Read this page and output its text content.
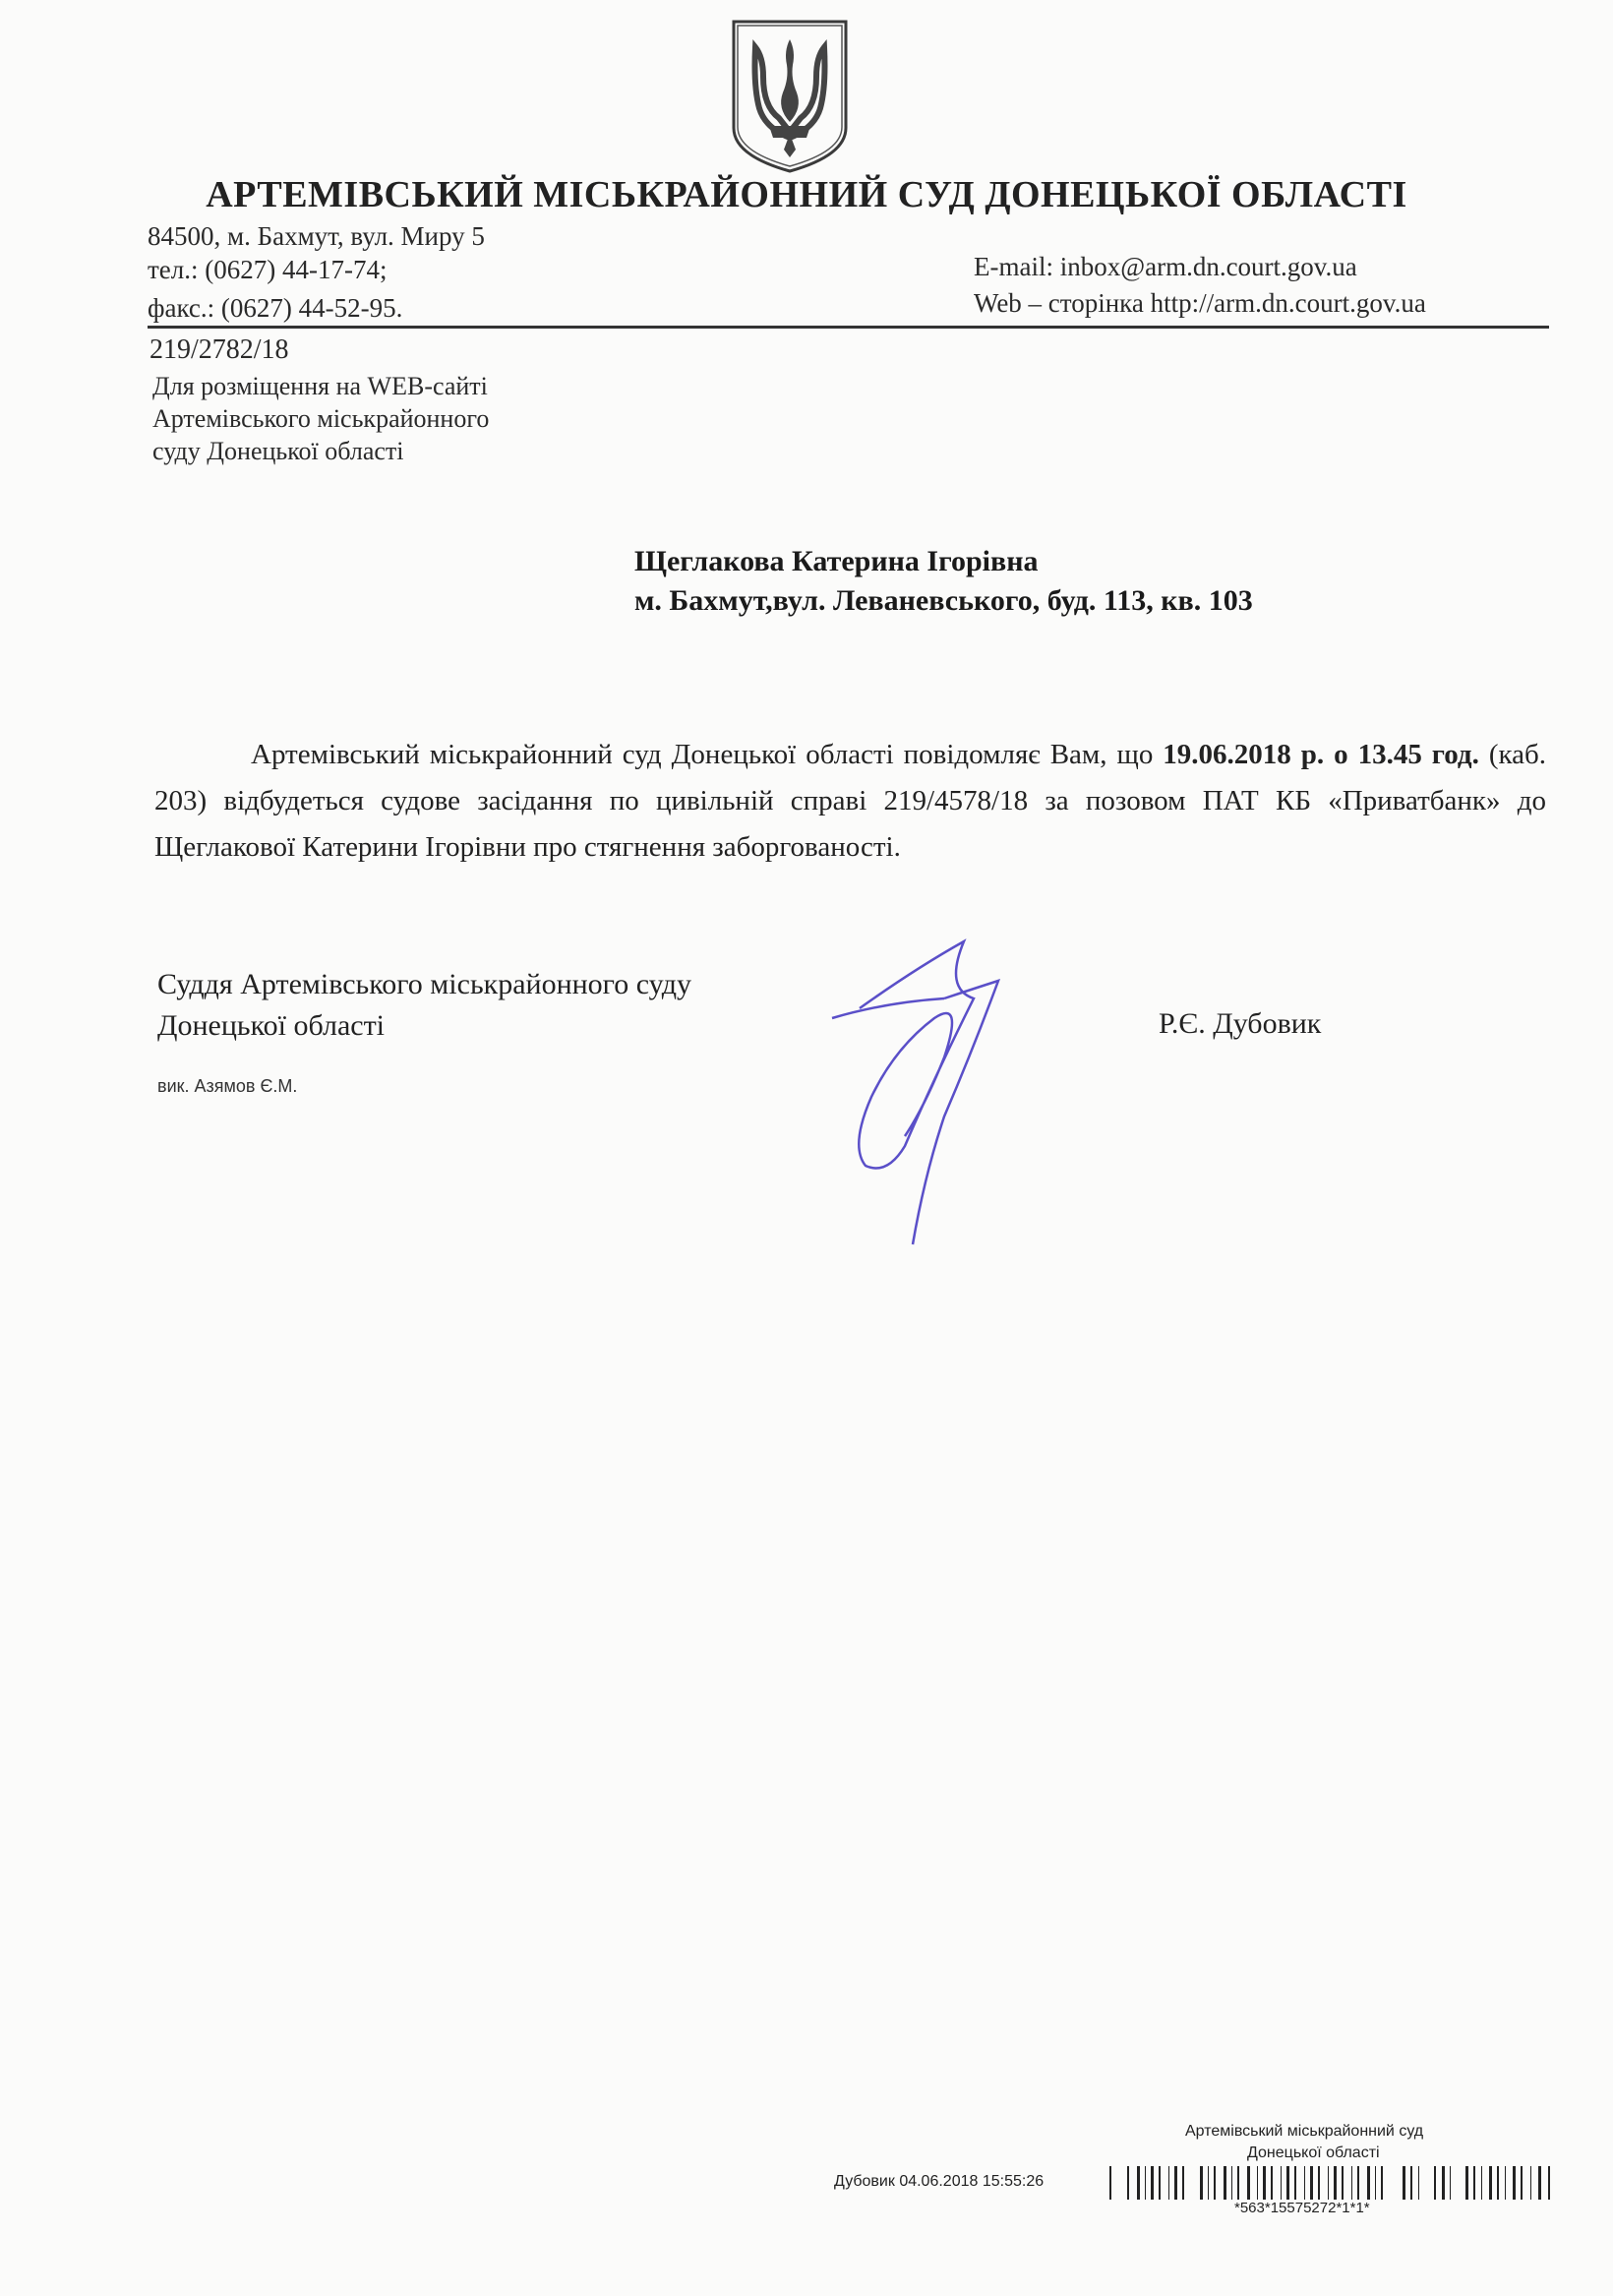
АРТЕМІВСЬКИЙ МІСЬКРАЙОННИЙ СУД ДОНЕЦЬКОЇ ОБЛАСТІ
84500, м. Бахмут, вул. Миру 5
тел.: (0627) 44-17-74;
факс.: (0627) 44-52-95.
E-mail: inbox@arm.dn.court.gov.ua
Web – сторінка http://arm.dn.court.gov.ua
219/2782/18
Для розміщення на WEB-сайті
Артемівського міськрайонного
суду Донецької області
Щеглакова Катерина Ігорівна
м. Бахмут,вул. Леваневського, буд. 113, кв. 103
Артемівський міськрайонний суд Донецької області повідомляє Вам, що 19.06.2018 р. о 13.45 год. (каб. 203) відбудеться судове засідання по цивільній справі 219/4578/18 за позовом ПАТ КБ «Приватбанк» до Щеглакової Катерини Ігорівни про стягнення заборгованості.
Суддя Артемівського міськрайонного суду
Донецької області	Р.Є. Дубовик
вик. Азямов Є.М.
Артемівський міськрайонний суд
Донецької області
Дубовик 04.06.2018 15:55:26
*563*15575272*1*1*
